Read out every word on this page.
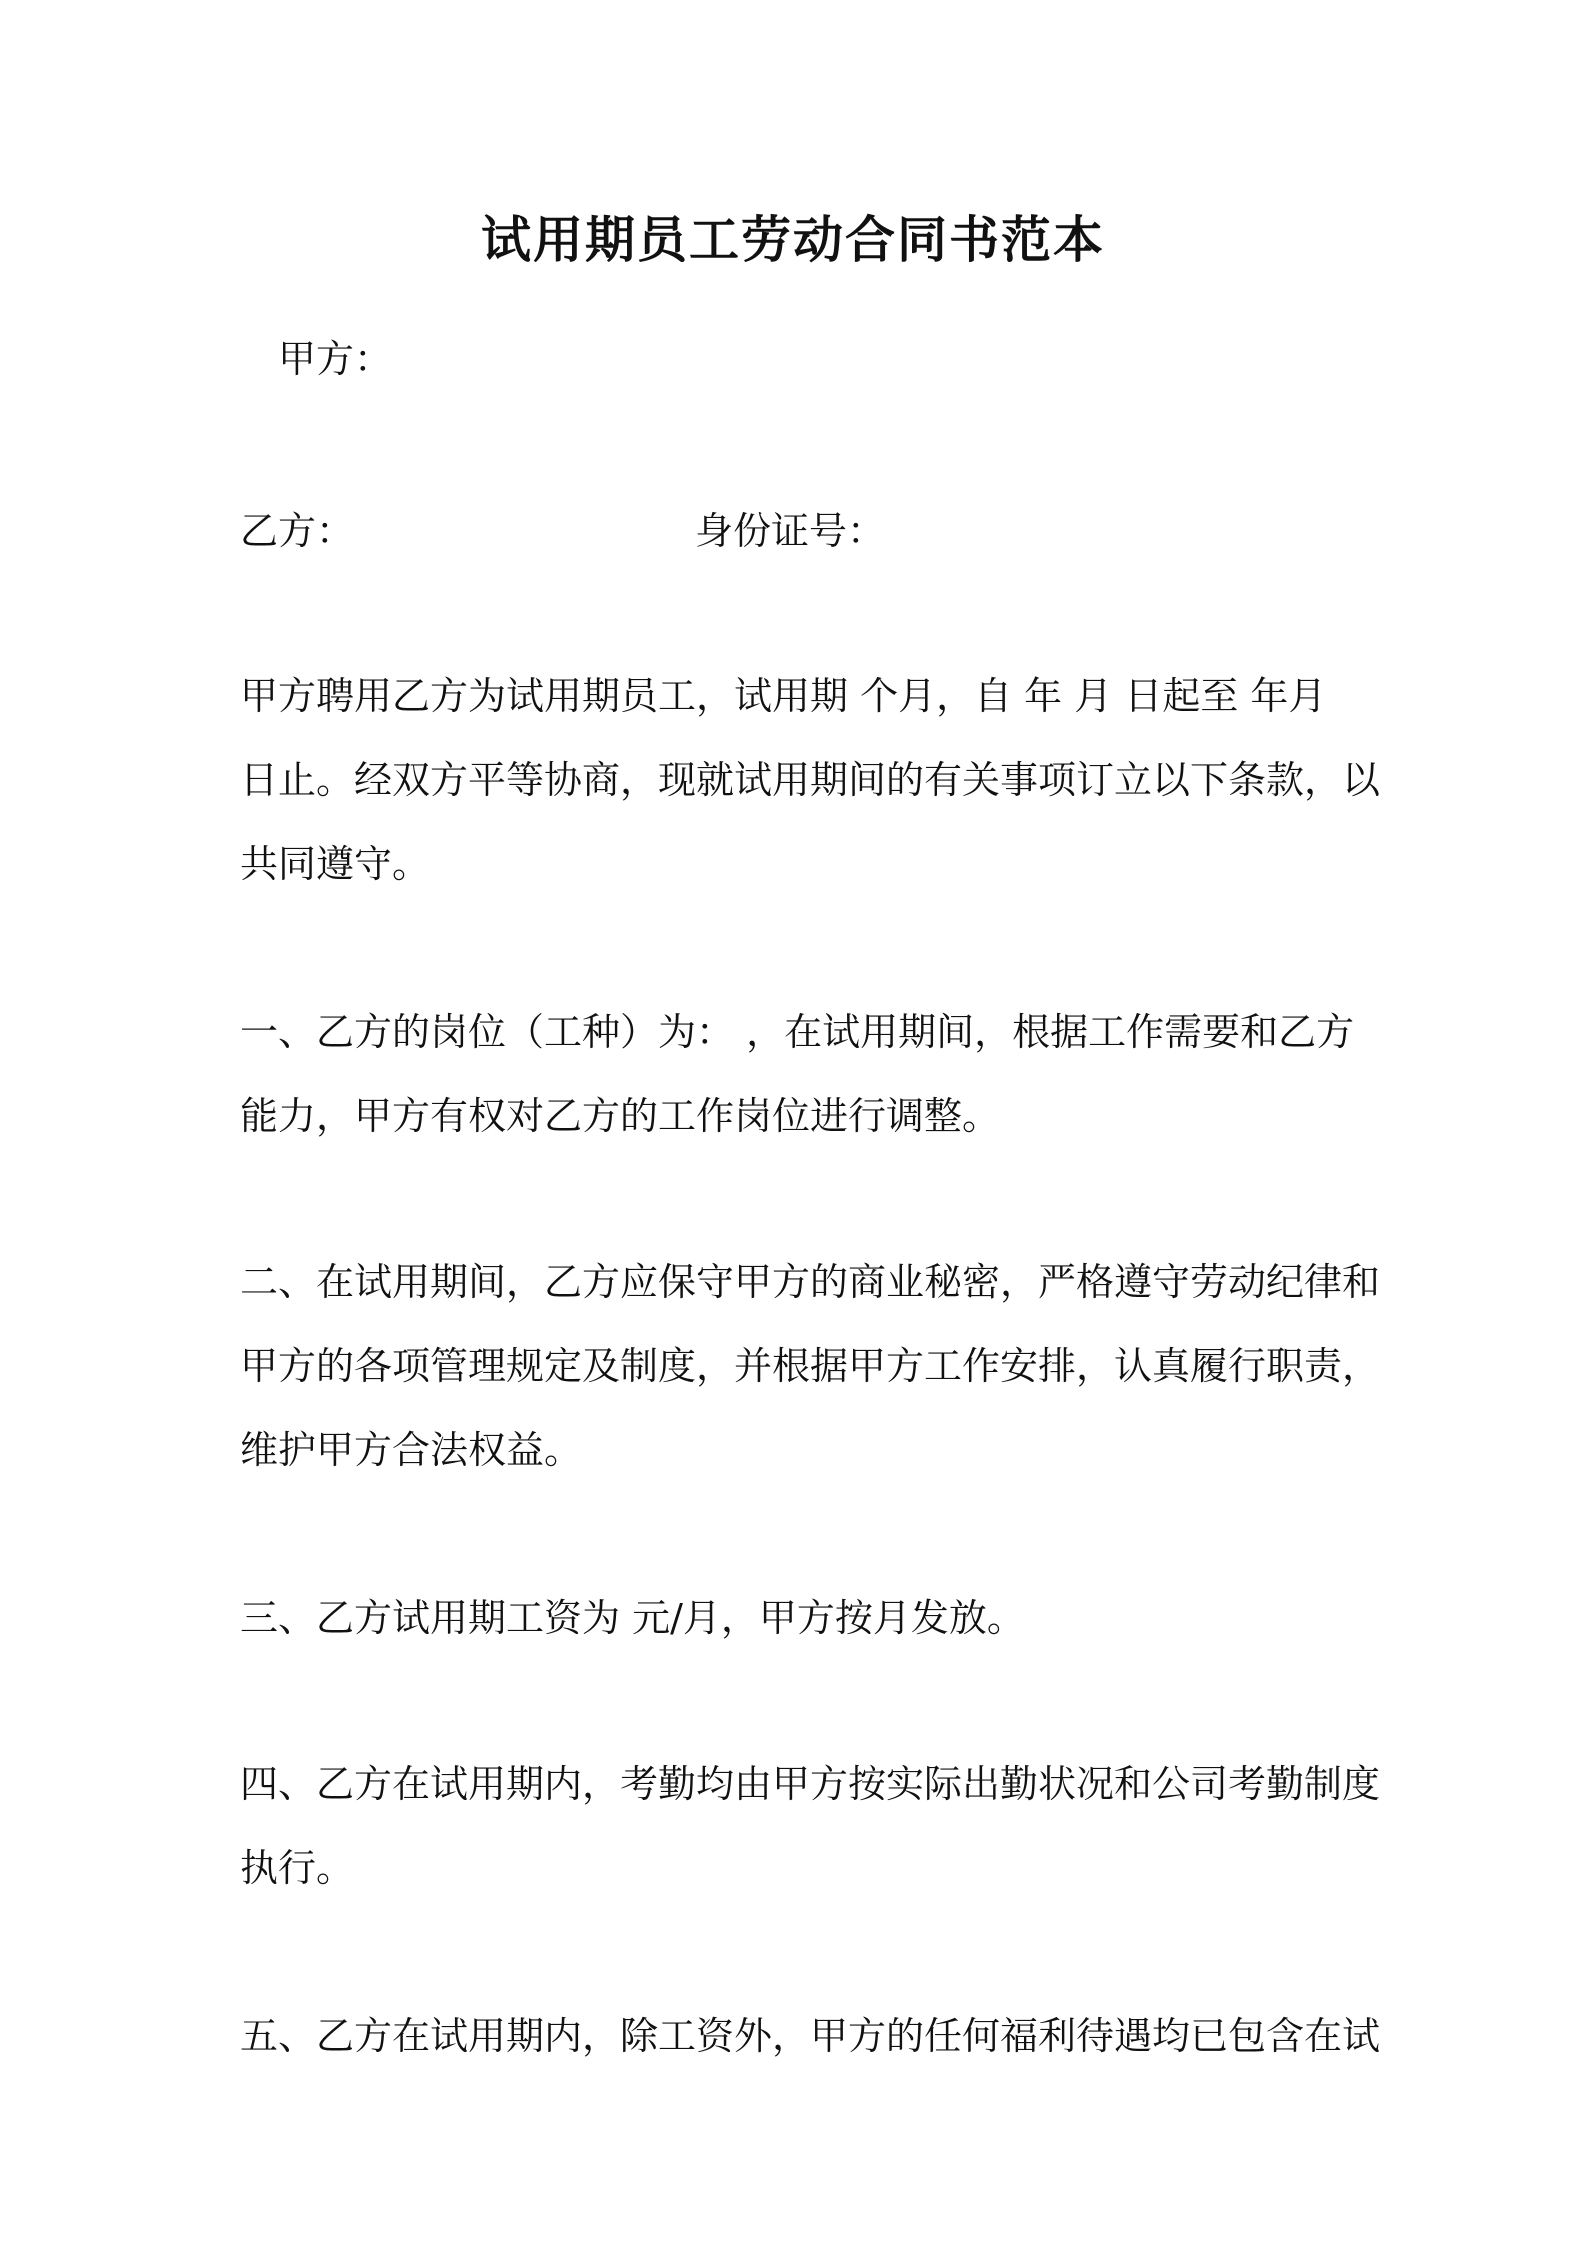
试用期员工劳动合同书范本
甲方：
乙方：	身份证号：

甲方聘用乙方为试用期员工，试用期 个月，自 年 月 日起至 年月

日止。经双方平等协商，现就试用期间的有关事项订立以下条款，以

共同遵守。

一、乙方的岗位（工种）为： ，在试用期间，根据工作需要和乙方

能力，甲方有权对乙方的工作岗位进行调整。

二、在试用期间，乙方应保守甲方的商业秘密，严格遵守劳动纪律和

甲方的各项管理规定及制度，并根据甲方工作安排，认真履行职责，

维护甲方合法权益。

三、乙方试用期工资为 元/月，甲方按月发放。

四、乙方在试用期内，考勤均由甲方按实际出勤状况和公司考勤制度

执行。

五、乙方在试用期内，除工资外，甲方的任何福利待遇均已包含在试
